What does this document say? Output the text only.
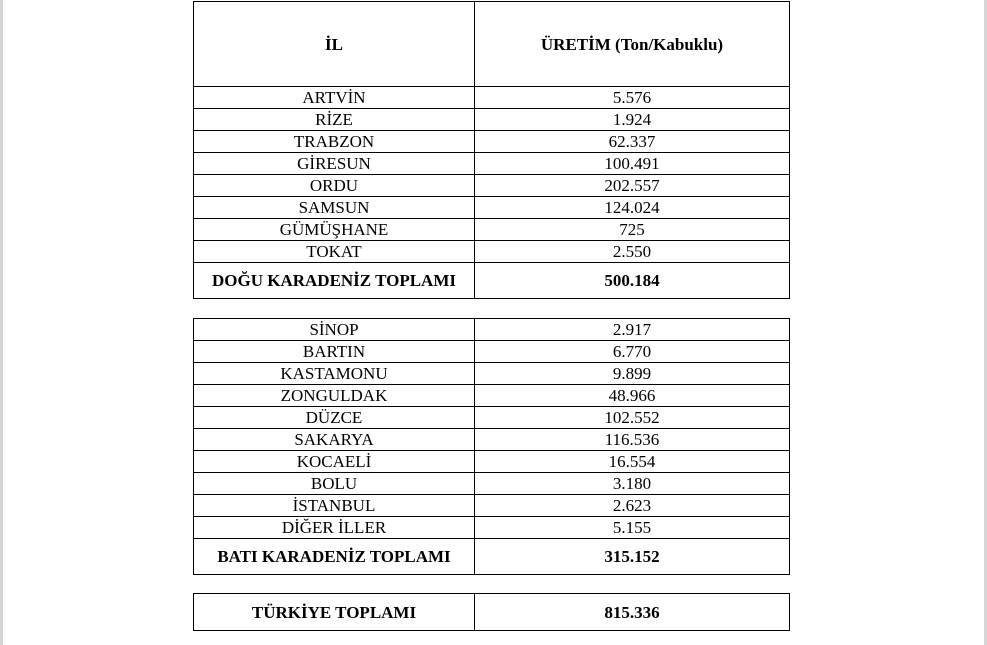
İL	ÜRETİM (Ton/Kabuklu)
ARTVİN	5.576
RİZE	1.924
TRABZON	62.337
GİRESUN	100.491
ORDU	202.557
SAMSUN	124.024
GÜMÜŞHANE	725
TOKAT	2.550
DOĞU KARADENİZ TOPLAMI	500.184
SİNOP	2.917
BARTIN	6.770
KASTAMONU	9.899
ZONGULDAK	48.966
DÜZCE	102.552
SAKARYA	116.536
KOCAELİ	16.554
BOLU	3.180
İSTANBUL	2.623
DİĞER İLLER	5.155
BATI KARADENİZ TOPLAMI	315.152
TÜRKİYE TOPLAMI	815.336
